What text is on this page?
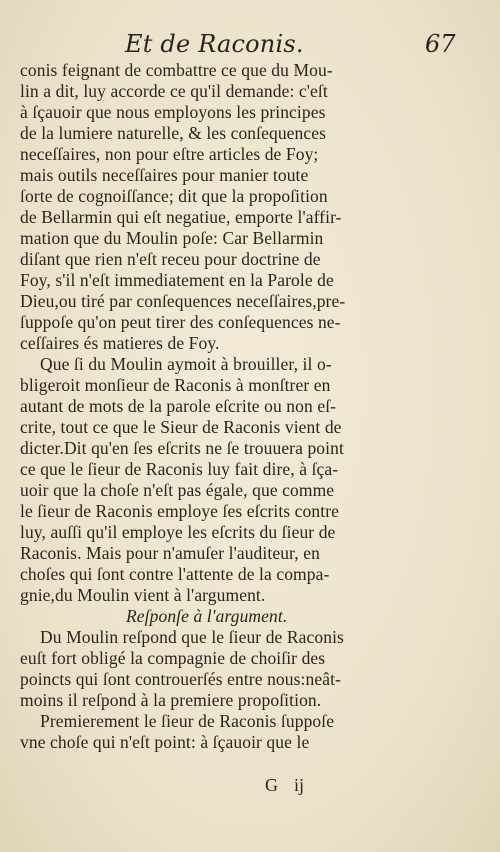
Et de Raconis.	67
conis feignant de combattre ce que du Mou-
lin a dit, luy accorde ce qu'il demande: c'eſt
à ſçauoir que nous employons les principes
de la lumiere naturelle, & les conſequences
neceſſaires, non pour eſtre articles de Foy;
mais outils neceſſaires pour manier toute
ſorte de cognoiſſance; dit que la propoſition
de Bellarmin qui eſt negatiue, emporte l'affir-
mation que du Moulin poſe: Car Bellarmin
diſant que rien n'eſt receu pour doctrine de
Foy, s'il n'eſt immediatement en la Parole de
Dieu,ou tiré par conſequences neceſſaires,pre-
ſuppoſe qu'on peut tirer des conſequences ne-
ceſſaires és matieres de Foy.
Que ſi du Moulin aymoit à brouiller, il o-
bligeroit monſieur de Raconis à monſtrer en
autant de mots de la parole eſcrite ou non eſ-
crite, tout ce que le Sieur de Raconis vient de
dicter.Dit qu'en ſes eſcrits ne ſe trouuera point
ce que le ſieur de Raconis luy fait dire, à ſça-
uoir que la choſe n'eſt pas égale, que comme
le ſieur de Raconis employe ſes eſcrits contre
luy, auſſi qu'il employe les eſcrits du ſieur de
Raconis. Mais pour n'amuſer l'auditeur, en
choſes qui ſont contre l'attente de la compa-
gnie,du Moulin vient à l'argument.
Reſponſe à l'argument.
Du Moulin reſpond que le ſieur de Raconis
euſt fort obligé la compagnie de choiſir des
poincts qui ſont controuerſés entre nous:neât-
moins il reſpond à la premiere propoſition.
Premierement le ſieur de Raconis ſuppoſe
vne choſe qui n'eſt point: à ſçauoir que le
G ij
